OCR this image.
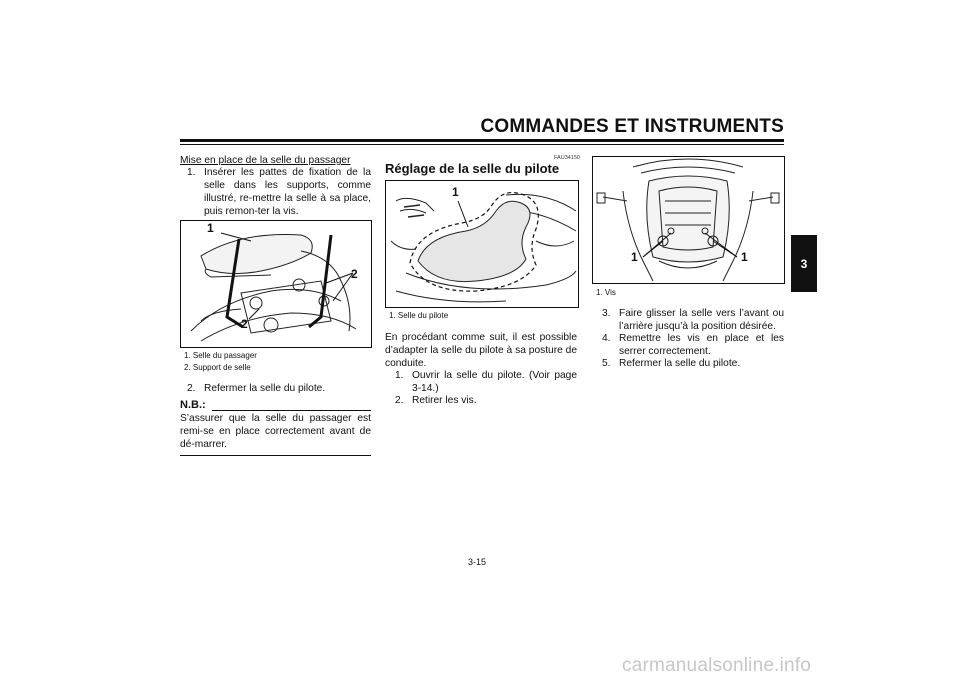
COMMANDES ET INSTRUMENTS
3
Mise en place de la selle du passager
1. Insérer les pattes de fixation de la selle dans les supports, comme illustré, re-mettre la selle à sa place, puis remon-ter la vis.
1
2
2
1. Selle du passager
2. Support de selle
2. Refermer la selle du pilote.
N.B.:
S’assurer que la selle du passager est remi-se en place correctement avant de dé-marrer.
FAU34150
Réglage de la selle du pilote
1
1. Selle du pilote
En procédant comme suit, il est possible d’adapter la selle du pilote à sa posture de conduite.
1. Ouvrir la selle du pilote. (Voir page 3-14.)
2. Retirer les vis.
1	1
1. Vis
3. Faire glisser la selle vers l’avant ou l’arrière jusqu’à la position désirée.
4. Remettre les vis en place et les serrer correctement.
5. Refermer la selle du pilote.
3-15
carmanualsonline.info
